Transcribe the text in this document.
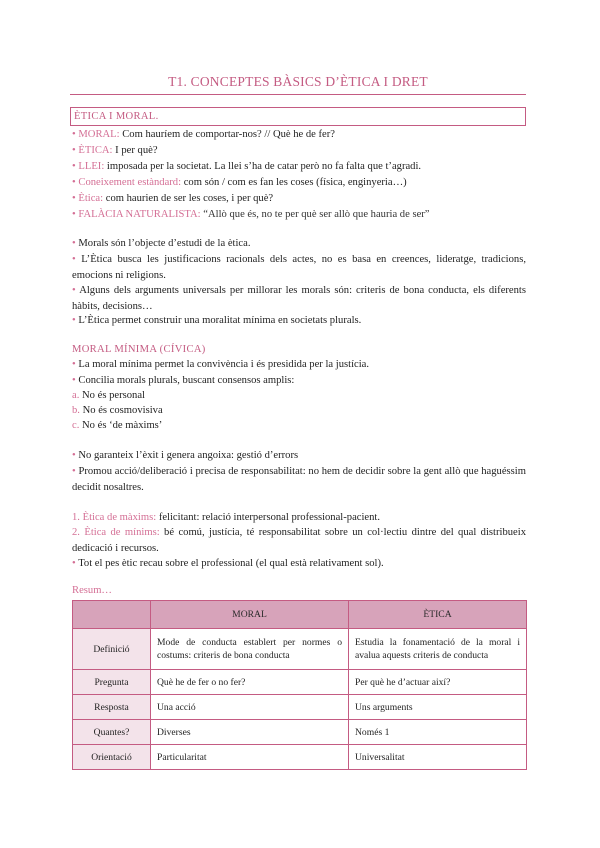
T1. CONCEPTES BÀSICS D’ÈTICA I DRET
ÈTICA I MORAL.
• MORAL: Com hauríem de comportar-nos? // Què he de fer?
• ÈTICA: I per què?
• LLEI: imposada per la societat. La llei s’ha de catar però no fa falta que t’agradi.
• Coneixement estàndard: com són / com es fan les coses (física, enginyeria…)
• Ètica: com haurien de ser les coses, i per què?
• FALÀCIA NATURALISTA: “Allò que és, no te per què ser allò que hauria de ser”
• Morals són l’objecte d’estudi de la ètica.
• L’Ètica busca les justificacions racionals dels actes, no es basa en creences, lideratge, tradicions, emocions ni religions.
• Alguns dels arguments universals per millorar les morals són: criteris de bona conducta, els diferents hàbits, decisions…
• L’Ètica permet construir una moralitat mínima en societats plurals.
MORAL MÍNIMA (CÍVICA)
• La moral mínima permet la convivència i és presidida per la justícia.
• Concilia morals plurals, buscant consensos amplis:
a. No és personal
b. No és cosmovisiva
c. No és ‘de màxims’
• No garanteix l’èxit i genera angoixa: gestió d’errors
• Promou acció/deliberació i precisa de responsabilitat: no hem de decidir sobre la gent allò que haguéssim decidit nosaltres.
1. Ètica de màxims: felicitant: relació interpersonal professional-pacient.
2. Ètica de mínims: bé comú, justícia, té responsabilitat sobre un col·lectiu dintre del qual distribueix dedicació i recursos.
• Tot el pes ètic recau sobre el professional (el qual està relativament sol).
Resum…
	MORAL	ÈTICA
Definició	Mode de conducta establert per normes o costums: criteris de bona conducta	Estudia la fonamentació de la moral i avalua aquests criteris de conducta
Pregunta	Què he de fer o no fer?	Per què he d’actuar així?
Resposta	Una acció	Uns arguments
Quantes?	Diverses	Només 1
Orientació	Particularitat	Universalitat
